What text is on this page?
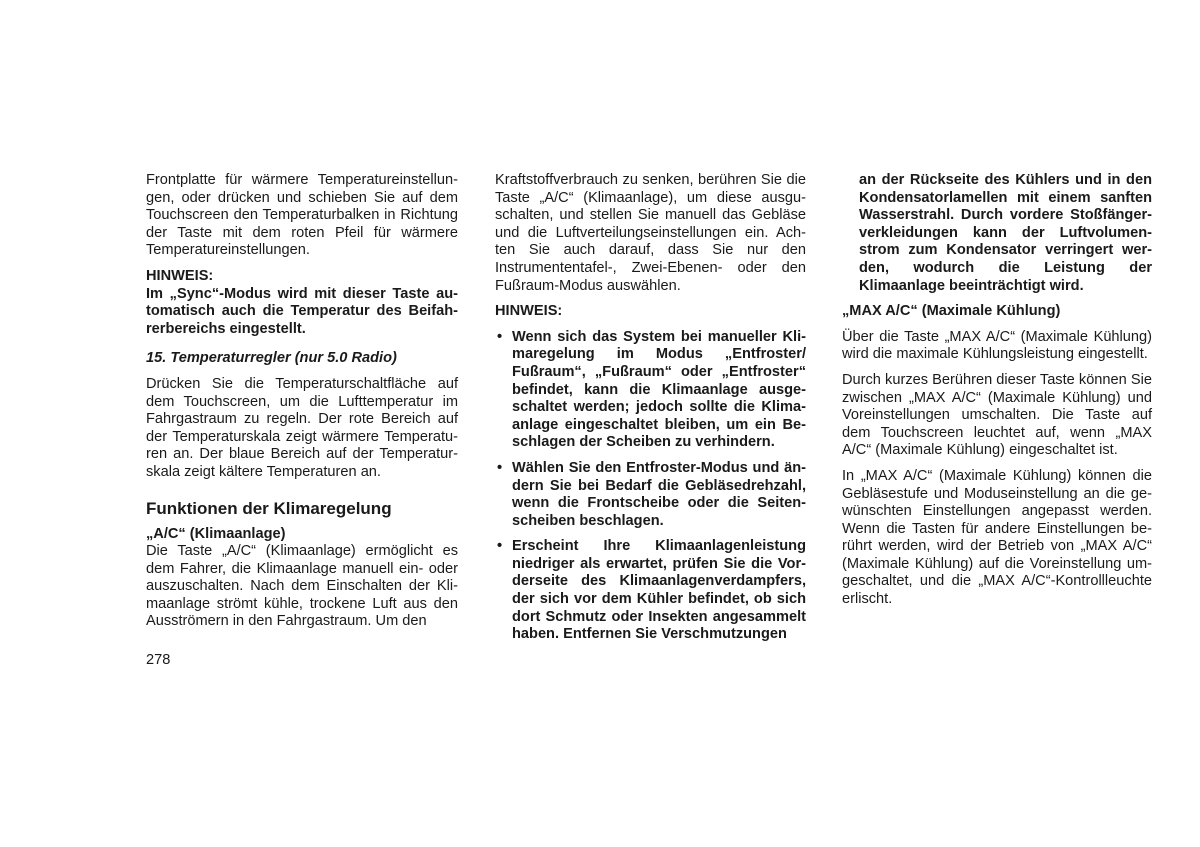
Frontplatte für wärmere Temperatureinstellun-gen, oder drücken und schieben Sie auf dem Touchscreen den Temperaturbalken in Richtung der Taste mit dem roten Pfeil für wärmere Temperatureinstellungen.

HINWEIS:

Im „Sync“-Modus wird mit dieser Taste au-tomatisch auch die Temperatur des Beifah-rerbereichs eingestellt.

15. Temperaturregler (nur 5.0 Radio)

Drücken Sie die Temperaturschaltfläche auf dem Touchscreen, um die Lufttemperatur im Fahrgastraum zu regeln. Der rote Bereich auf der Temperaturskala zeigt wärmere Temperatu-ren an. Der blaue Bereich auf der Temperatur-skala zeigt kältere Temperaturen an.

Funktionen der Klimaregelung

„A/C“ (Klimaanlage)

Die Taste „A/C“ (Klimaanlage) ermöglicht es dem Fahrer, die Klimaanlage manuell ein- oder auszuschalten. Nach dem Einschalten der Kli-maanlage strömt kühle, trockene Luft aus den Ausströmern in den Fahrgastraum. Um den

Kraftstoffverbrauch zu senken, berühren Sie die Taste „A/C“ (Klimaanlage), um diese ausgu-schalten, und stellen Sie manuell das Gebläse und die Luftverteilungseinstellungen ein. Ach-ten Sie auch darauf, dass Sie nur den Instrumententafel-, Zwei-Ebenen- oder den Fußraum-Modus auswählen.

HINWEIS:

• Wenn sich das System bei manueller Kli-maregelung im Modus „Entfroster/ Fußraum“, „Fußraum“ oder „Entfroster“ befindet, kann die Klimaanlage ausge-schaltet werden; jedoch sollte die Klima-anlage eingeschaltet bleiben, um ein Be-schlagen der Scheiben zu verhindern.
• Wählen Sie den Entfroster-Modus und än-dern Sie bei Bedarf die Gebläsedrehzahl, wenn die Frontscheibe oder die Seiten-scheiben beschlagen.
• Erscheint Ihre Klimaanlagenleistung niedriger als erwartet, prüfen Sie die Vor-derseite des Klimaanlagenverdampfers, der sich vor dem Kühler befindet, ob sich dort Schmutz oder Insekten angesammelt haben. Entfernen Sie Verschmutzungen

an der Rückseite des Kühlers und in den Kondensatorlamellen mit einem sanften Wasserstrahl. Durch vordere Stoßfänger-verkleidungen kann der Luftvolumen-strom zum Kondensator verringert wer-den, wodurch die Leistung der Klimaanlage beeinträchtigt wird.

„MAX A/C“ (Maximale Kühlung)

Über die Taste „MAX A/C“ (Maximale Kühlung) wird die maximale Kühlungsleistung eingestellt.

Durch kurzes Berühren dieser Taste können Sie zwischen „MAX A/C“ (Maximale Kühlung) und Voreinstellungen umschalten. Die Taste auf dem Touchscreen leuchtet auf, wenn „MAX A/C“ (Maximale Kühlung) eingeschaltet ist.

In „MAX A/C“ (Maximale Kühlung) können die Gebläsestufe und Moduseinstellung an die ge-wünschten Einstellungen angepasst werden. Wenn die Tasten für andere Einstellungen be-rührt werden, wird der Betrieb von „MAX A/C“ (Maximale Kühlung) auf die Voreinstellung um-geschaltet, und die „MAX A/C“-Kontrollleuchte erlischt.

278
